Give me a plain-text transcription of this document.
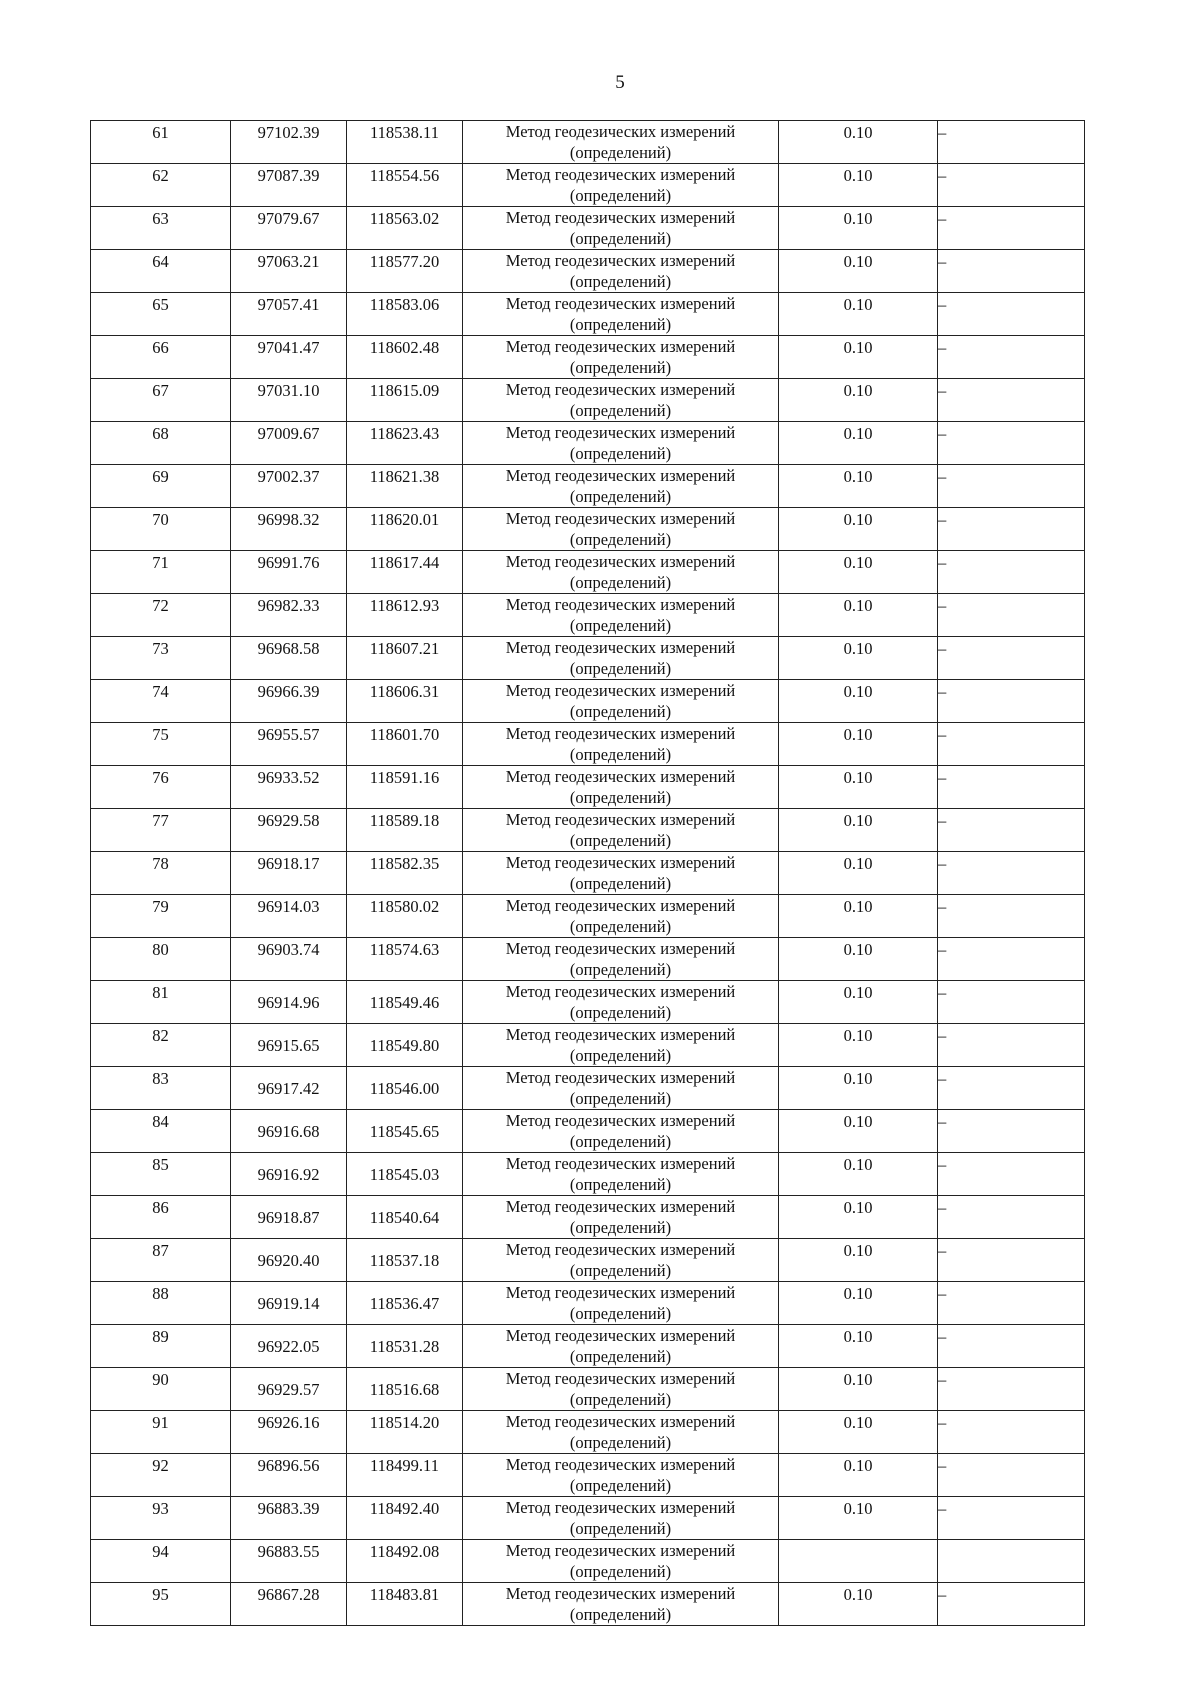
5
61	97102.39	118538.11	Метод геодезических измерений
(определений)	0.10	–
62	97087.39	118554.56	Метод геодезических измерений
(определений)	0.10	–
63	97079.67	118563.02	Метод геодезических измерений
(определений)	0.10	–
64	97063.21	118577.20	Метод геодезических измерений
(определений)	0.10	–
65	97057.41	118583.06	Метод геодезических измерений
(определений)	0.10	–
66	97041.47	118602.48	Метод геодезических измерений
(определений)	0.10	–
67	97031.10	118615.09	Метод геодезических измерений
(определений)	0.10	–
68	97009.67	118623.43	Метод геодезических измерений
(определений)	0.10	–
69	97002.37	118621.38	Метод геодезических измерений
(определений)	0.10	–
70	96998.32	118620.01	Метод геодезических измерений
(определений)	0.10	–
71	96991.76	118617.44	Метод геодезических измерений
(определений)	0.10	–
72	96982.33	118612.93	Метод геодезических измерений
(определений)	0.10	–
73	96968.58	118607.21	Метод геодезических измерений
(определений)	0.10	–
74	96966.39	118606.31	Метод геодезических измерений
(определений)	0.10	–
75	96955.57	118601.70	Метод геодезических измерений
(определений)	0.10	–
76	96933.52	118591.16	Метод геодезических измерений
(определений)	0.10	–
77	96929.58	118589.18	Метод геодезических измерений
(определений)	0.10	–
78	96918.17	118582.35	Метод геодезических измерений
(определений)	0.10	–
79	96914.03	118580.02	Метод геодезических измерений
(определений)	0.10	–
80	96903.74	118574.63	Метод геодезических измерений
(определений)	0.10	–
81	96914.96	118549.46	Метод геодезических измерений
(определений)	0.10	–
82	96915.65	118549.80	Метод геодезических измерений
(определений)	0.10	–
83	96917.42	118546.00	Метод геодезических измерений
(определений)	0.10	–
84	96916.68	118545.65	Метод геодезических измерений
(определений)	0.10	–
85	96916.92	118545.03	Метод геодезических измерений
(определений)	0.10	–
86	96918.87	118540.64	Метод геодезических измерений
(определений)	0.10	–
87	96920.40	118537.18	Метод геодезических измерений
(определений)	0.10	–
88	96919.14	118536.47	Метод геодезических измерений
(определений)	0.10	–
89	96922.05	118531.28	Метод геодезических измерений
(определений)	0.10	–
90	96929.57	118516.68	Метод геодезических измерений
(определений)	0.10	–
91	96926.16	118514.20	Метод геодезических измерений
(определений)	0.10	–
92	96896.56	118499.11	Метод геодезических измерений
(определений)	0.10	–
93	96883.39	118492.40	Метод геодезических измерений
(определений)	0.10	–
94	96883.55	118492.08	Метод геодезических измерений
(определений)		

95	96867.28	118483.81	Метод геодезических измерений
(определений)	0.10	–
